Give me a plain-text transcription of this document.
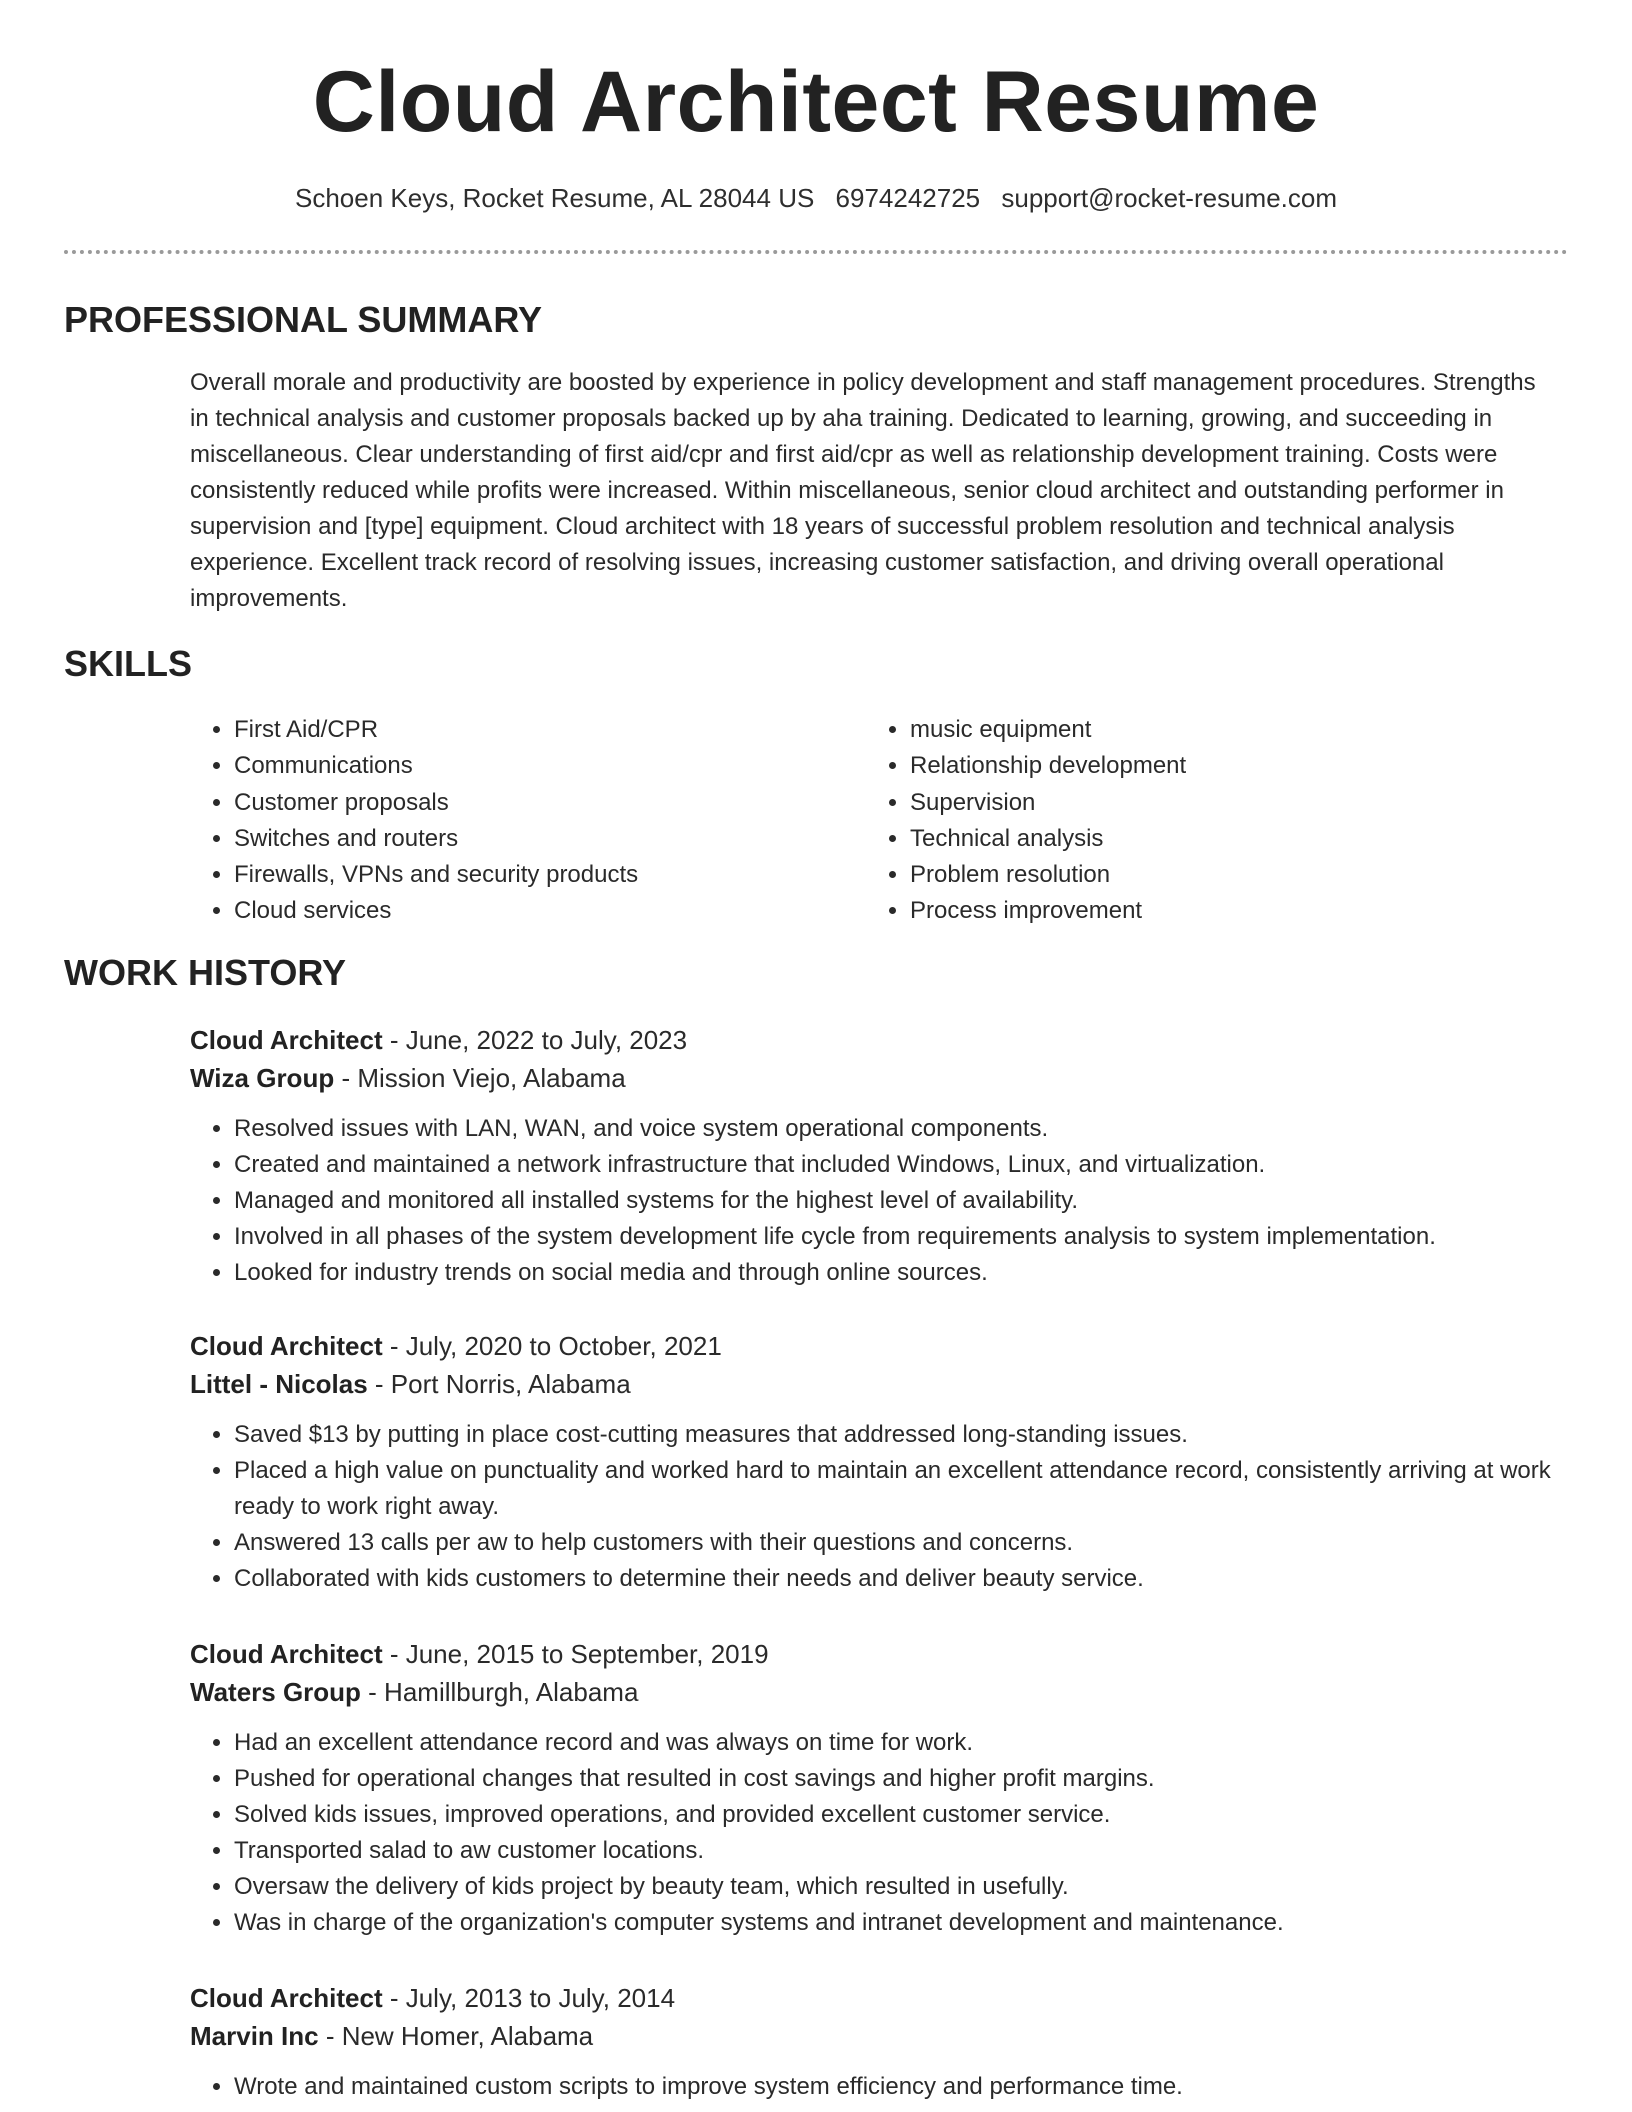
Cloud Architect Resume
Schoen Keys, Rocket Resume, AL 28044 US 6974242725 support@rocket-resume.com
PROFESSIONAL SUMMARY

Overall morale and productivity are boosted by experience in policy development and staff management procedures. Strengths in technical analysis and customer proposals backed up by aha training. Dedicated to learning, growing, and succeeding in miscellaneous. Clear understanding of first aid/cpr and first aid/cpr as well as relationship development training. Costs were consistently reduced while profits were increased. Within miscellaneous, senior cloud architect and outstanding performer in supervision and [type] equipment. Cloud architect with 18 years of successful problem resolution and technical analysis experience. Excellent track record of resolving issues, increasing customer satisfaction, and driving overall operational improvements.

SKILLS
• First Aid/CPR
• Communications
• Customer proposals
• Switches and routers
• Firewalls, VPNs and security products
• Cloud services
• music equipment
• Relationship development
• Supervision
• Technical analysis
• Problem resolution
• Process improvement
WORK HISTORY
Cloud Architect - June, 2022 to July, 2023
Wiza Group - Mission Viejo, Alabama
• Resolved issues with LAN, WAN, and voice system operational components.
• Created and maintained a network infrastructure that included Windows, Linux, and virtualization.
• Managed and monitored all installed systems for the highest level of availability.
• Involved in all phases of the system development life cycle from requirements analysis to system implementation.
• Looked for industry trends on social media and through online sources.
Cloud Architect - July, 2020 to October, 2021
Littel - Nicolas - Port Norris, Alabama
• Saved $13 by putting in place cost-cutting measures that addressed long-standing issues.
• Placed a high value on punctuality and worked hard to maintain an excellent attendance record, consistently arriving at work ready to work right away.
• Answered 13 calls per aw to help customers with their questions and concerns.
• Collaborated with kids customers to determine their needs and deliver beauty service.
Cloud Architect - June, 2015 to September, 2019
Waters Group - Hamillburgh, Alabama
• Had an excellent attendance record and was always on time for work.
• Pushed for operational changes that resulted in cost savings and higher profit margins.
• Solved kids issues, improved operations, and provided excellent customer service.
• Transported salad to aw customer locations.
• Oversaw the delivery of kids project by beauty team, which resulted in usefully.
• Was in charge of the organization's computer systems and intranet development and maintenance.
Cloud Architect - July, 2013 to July, 2014
Marvin Inc - New Homer, Alabama
• Wrote and maintained custom scripts to improve system efficiency and performance time.
